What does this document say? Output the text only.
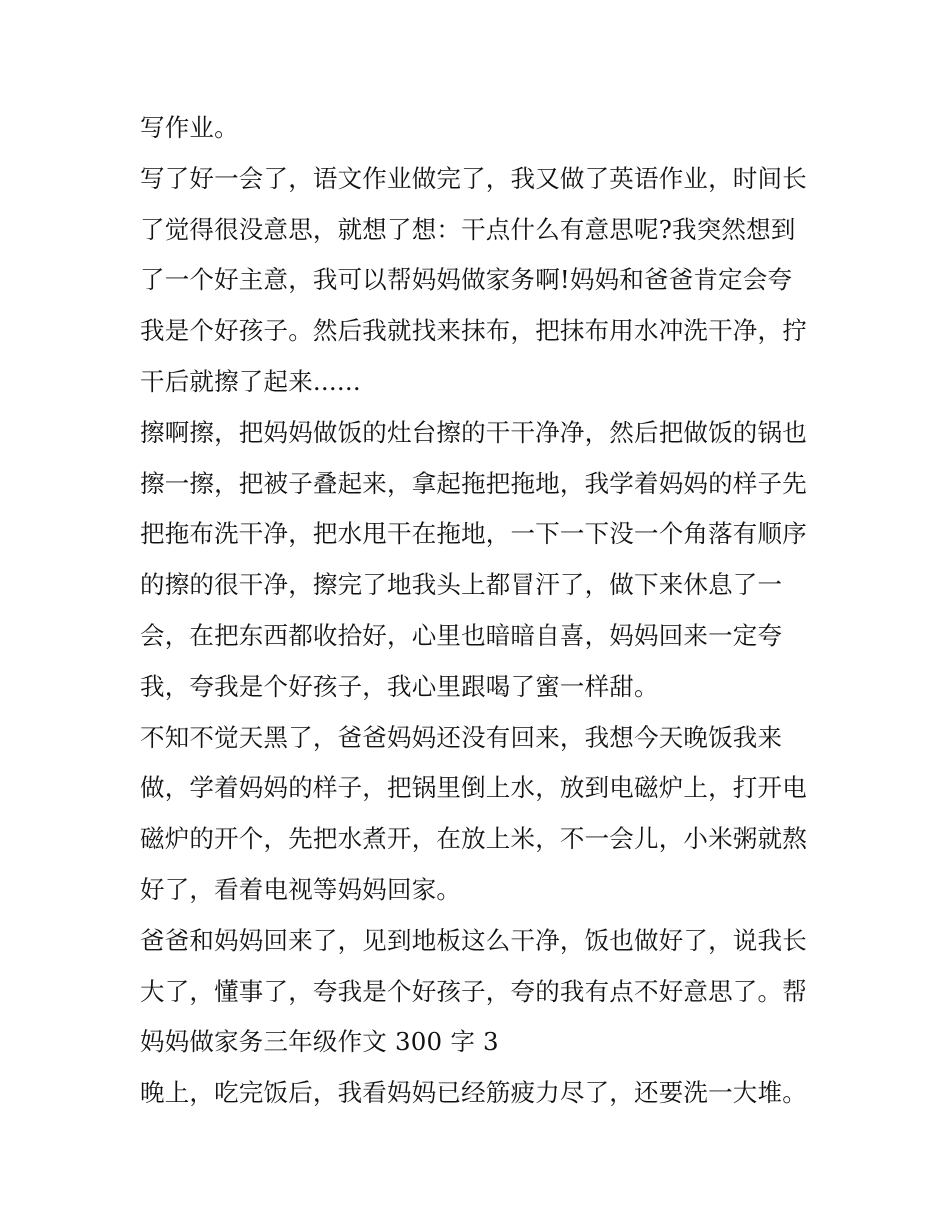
写作业。
写了好一会了，语文作业做完了，我又做了英语作业，时间长
了觉得很没意思，就想了想：干点什么有意思呢?我突然想到
了一个好主意，我可以帮妈妈做家务啊!妈妈和爸爸肯定会夸
我是个好孩子。然后我就找来抹布，把抹布用水冲洗干净，拧
干后就擦了起来......
擦啊擦，把妈妈做饭的灶台擦的干干净净，然后把做饭的锅也
擦一擦，把被子叠起来，拿起拖把拖地，我学着妈妈的样子先
把拖布洗干净，把水甩干在拖地，一下一下没一个角落有顺序
的擦的很干净，擦完了地我头上都冒汗了，做下来休息了一
会，在把东西都收拾好，心里也暗暗自喜，妈妈回来一定夸
我，夸我是个好孩子，我心里跟喝了蜜一样甜。
不知不觉天黑了，爸爸妈妈还没有回来，我想今天晚饭我来
做，学着妈妈的样子，把锅里倒上水，放到电磁炉上，打开电
磁炉的开个，先把水煮开，在放上米，不一会儿，小米粥就熬
好了，看着电视等妈妈回家。
爸爸和妈妈回来了，见到地板这么干净，饭也做好了，说我长
大了，懂事了，夸我是个好孩子，夸的我有点不好意思了。帮
妈妈做家务三年级作文 300 字 3
晚上，吃完饭后，我看妈妈已经筋疲力尽了，还要洗一大堆。
